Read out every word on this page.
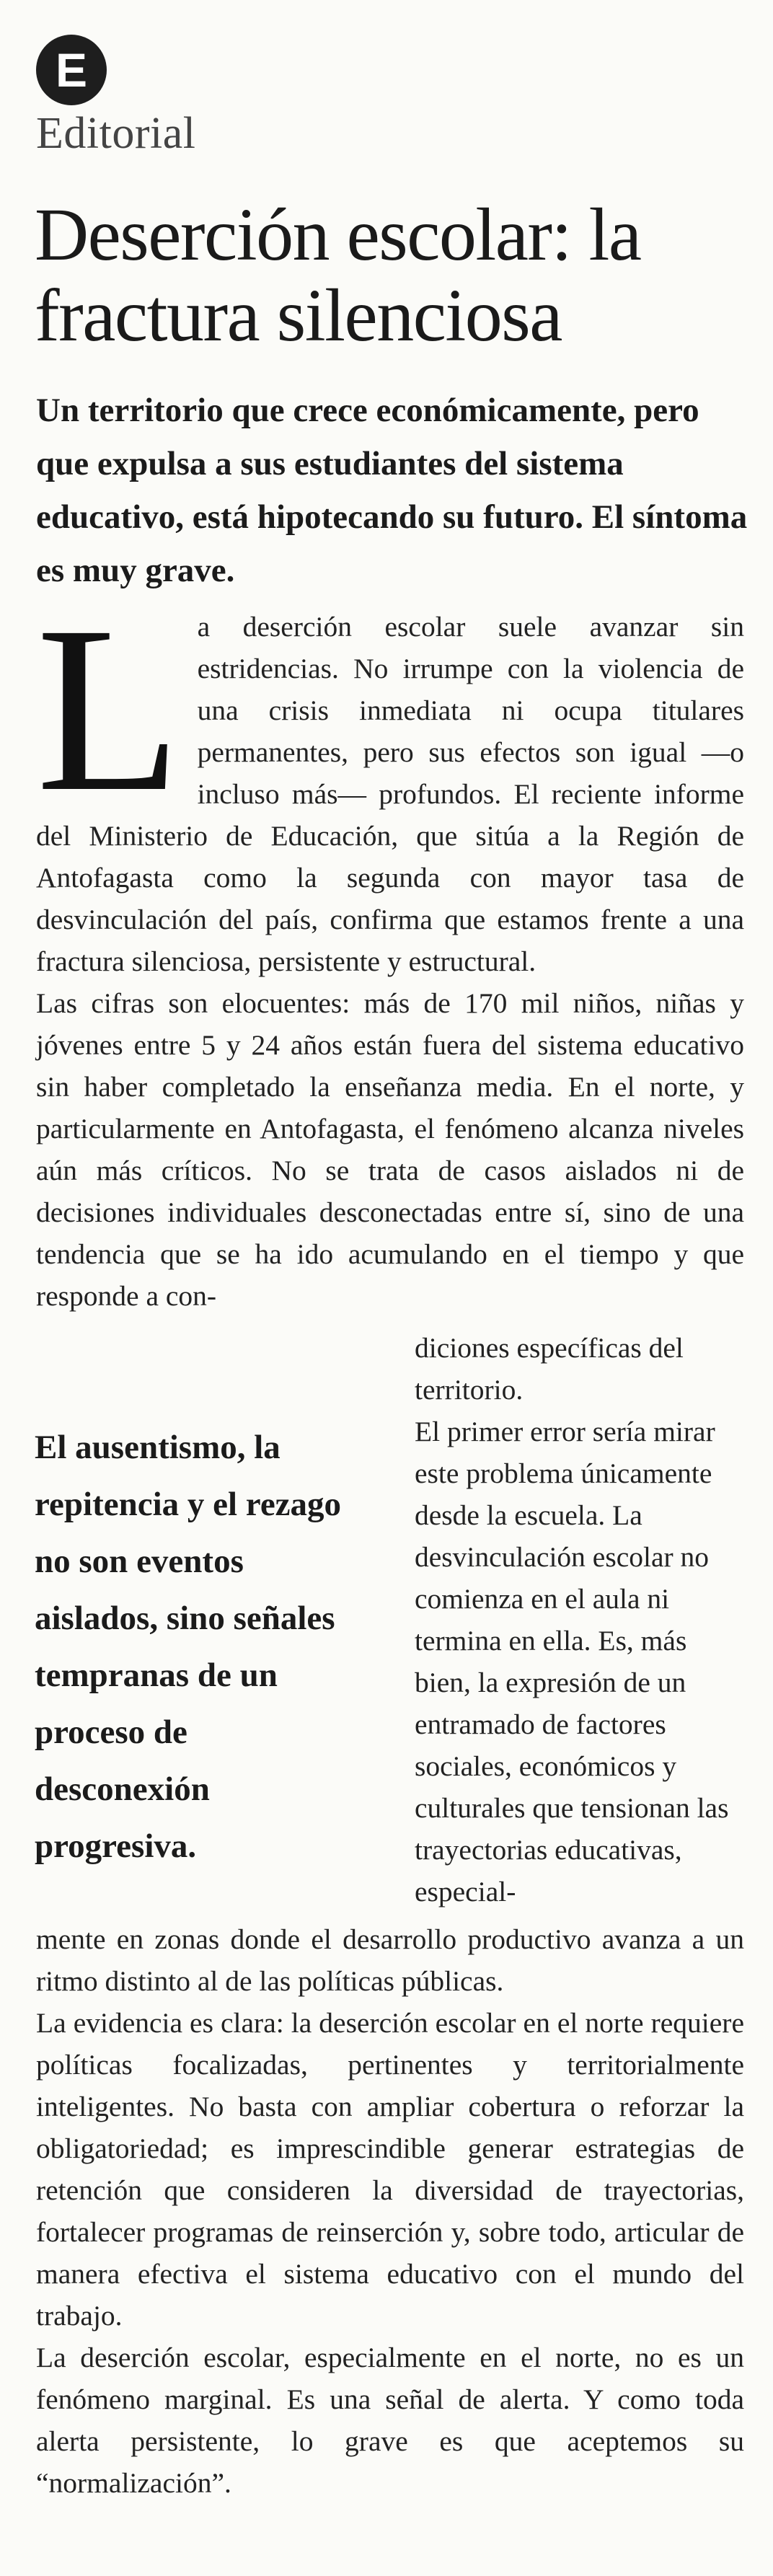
E
Editorial
Deserción escolar: la fractura silenciosa

Un territorio que crece económicamente, pero que expulsa a sus estudiantes del sistema educativo, está hipotecando su futuro. El síntoma es muy grave.

L a deserción escolar suele avanzar sin estridencias. No irrumpe con la violencia de una crisis inmediata ni ocupa titulares permanentes, pero sus efectos son igual —o incluso más— profundos. El reciente informe del Ministerio de Educación, que sitúa a la Región de Antofagasta como la segunda con mayor tasa de desvinculación del país, confirma que estamos frente a una fractura silenciosa, persistente y estructural.

Las cifras son elocuentes: más de 170 mil niños, niñas y jóvenes entre 5 y 24 años están fuera del sistema educativo sin haber completado la enseñanza media. En el norte, y particularmente en Antofagasta, el fenómeno alcanza niveles aún más críticos. No se trata de casos aislados ni de decisiones individuales desconectadas entre sí, sino de una tendencia que se ha ido acumulando en el tiempo y que responde a con-

El ausentismo, la repitencia y el rezago no son eventos aislados, sino señales tempranas de un proceso de desconexión progresiva.

diciones específicas del territorio.

El primer error sería mirar este problema únicamente desde la escuela. La desvinculación escolar no comienza en el aula ni termina en ella. Es, más bien, la expresión de un entramado de factores sociales, económicos y culturales que tensionan las trayectorias educativas, especial-

mente en zonas donde el desarrollo productivo avanza a un ritmo distinto al de las políticas públicas.

La evidencia es clara: la deserción escolar en el norte requiere políticas focalizadas, pertinentes y territorialmente inteligentes. No basta con ampliar cobertura o reforzar la obligatoriedad; es imprescindible generar estrategias de retención que consideren la diversidad de trayectorias, fortalecer programas de reinserción y, sobre todo, articular de manera efectiva el sistema educativo con el mundo del trabajo.

La deserción escolar, especialmente en el norte, no es un fenómeno marginal. Es una señal de alerta. Y como toda alerta persistente, lo grave es que aceptemos su “normalización”.
